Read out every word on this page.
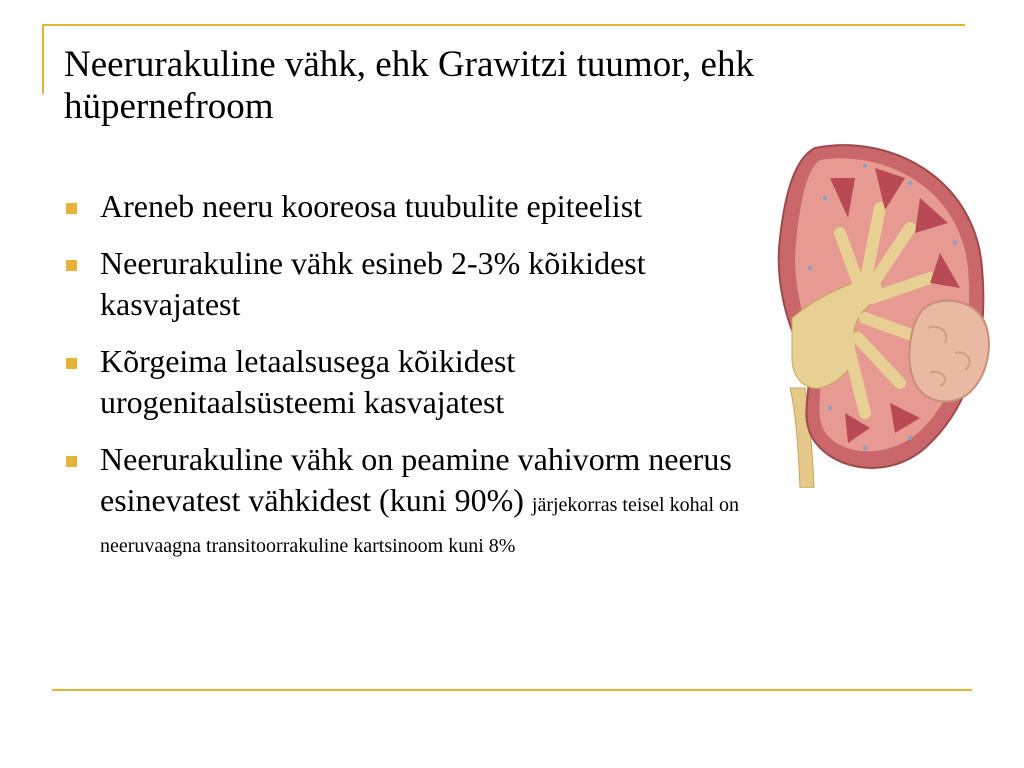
Neerurakuline vähk, ehk Grawitzi tuumor, ehk hüpernefroom
Areneb neeru kooreosa tuubulite epiteelist
Neerurakuline vähk esineb 2-3% kõikidest kasvajatest
Kõrgeima letaalsusega kõikidest urogenitaalsüsteemi kasvajatest
Neerurakuline vähk on peamine vahivorm neerus esinevatest vähkidest (kuni 90%) järjekorras teisel kohal on neeruvaagna transitoorrakuline kartsinoom kuni 8%
